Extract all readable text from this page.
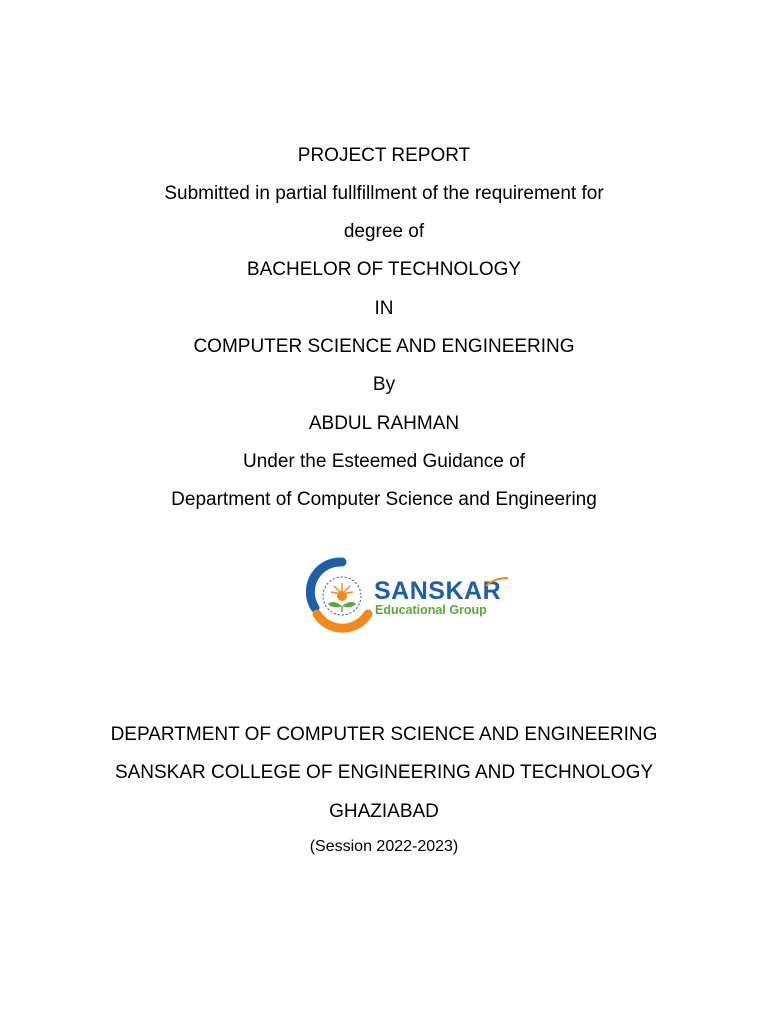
PROJECT REPORT
Submitted in partial fullfillment of the requirement for
degree of
BACHELOR OF TECHNOLOGY
IN
COMPUTER SCIENCE AND ENGINEERING
By
ABDUL RAHMAN
Under the Esteemed Guidance of
Department of Computer Science and Engineering
SANSKAR
Educational Group
DEPARTMENT OF COMPUTER SCIENCE AND ENGINEERING
SANSKAR COLLEGE OF ENGINEERING AND TECHNOLOGY
GHAZIABAD
(Session 2022-2023)
